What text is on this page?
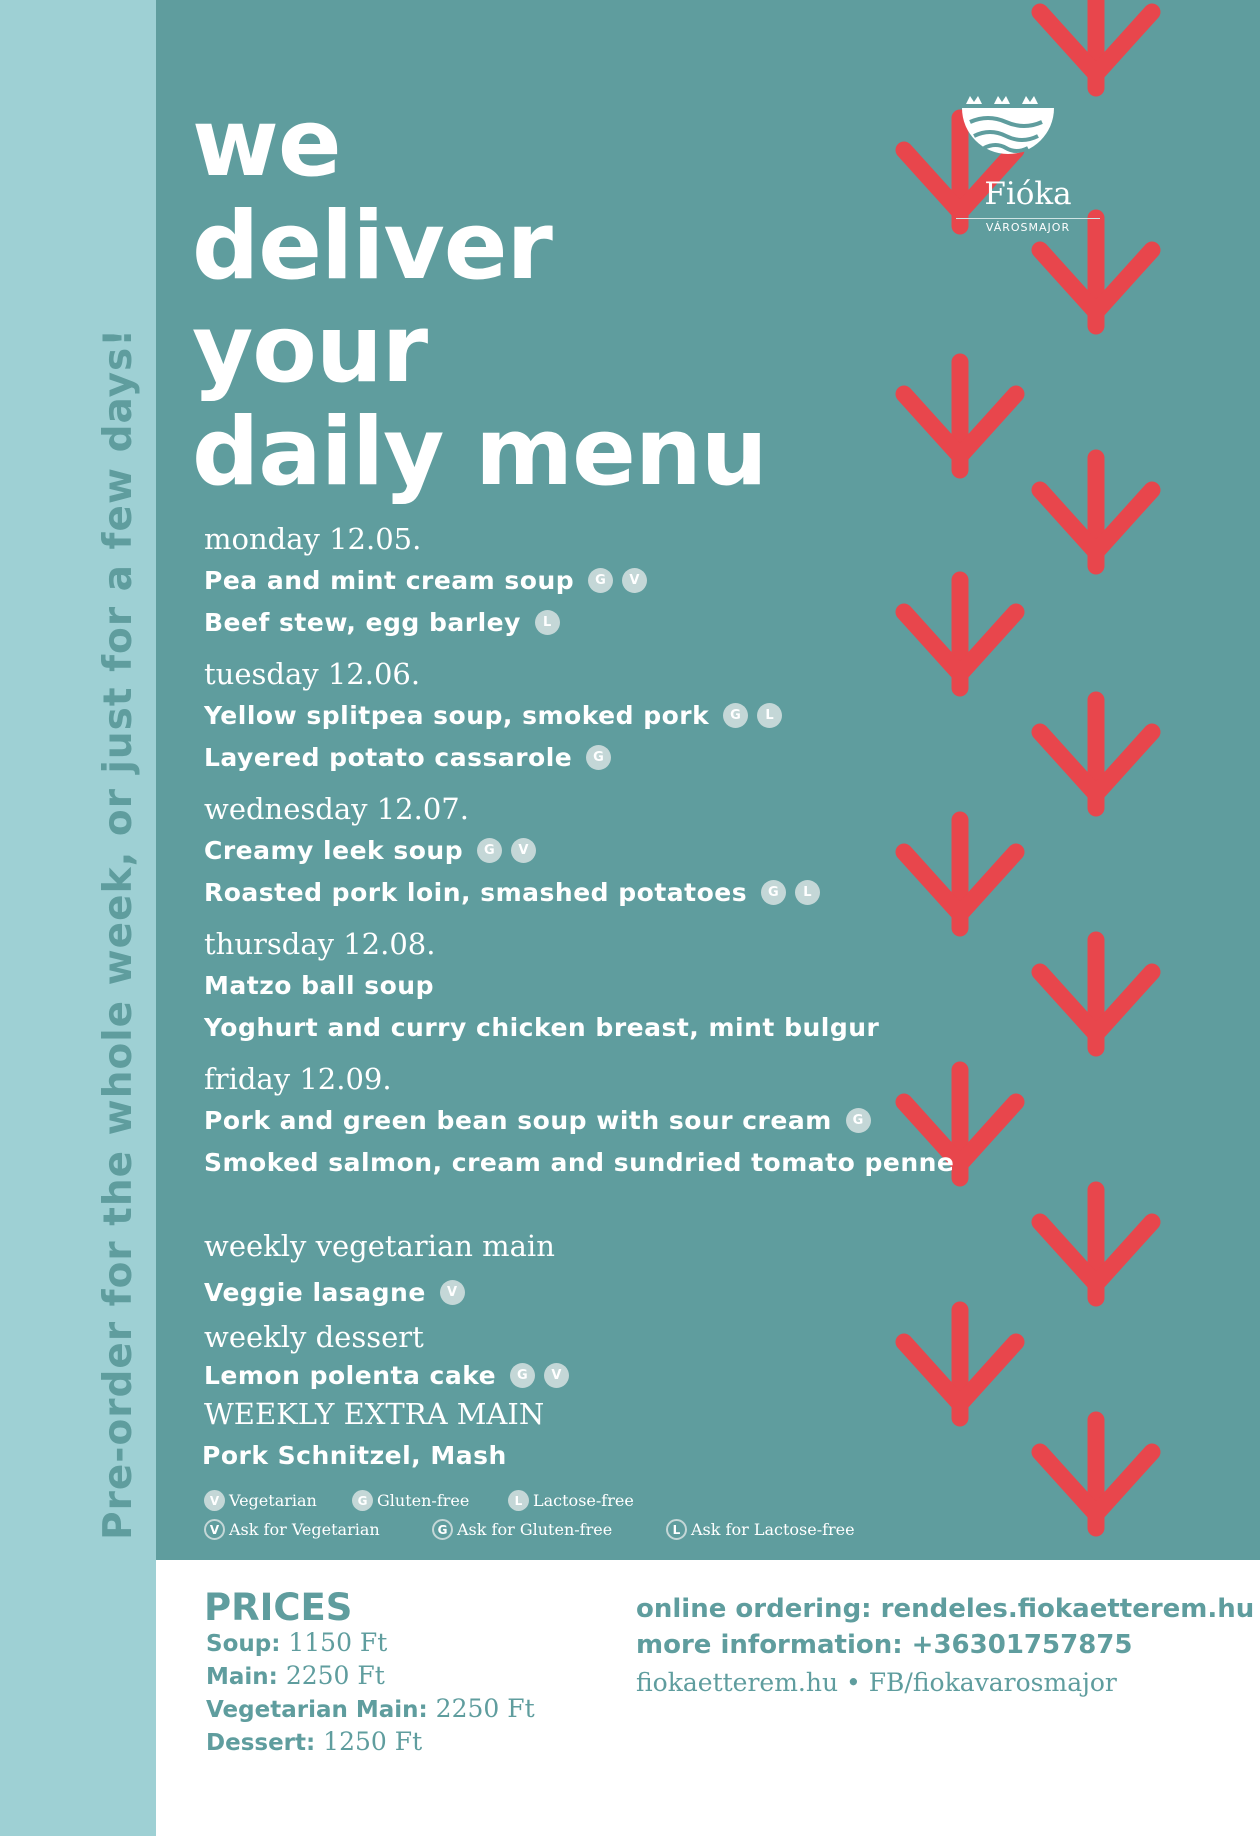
Pre-order for the whole week, or just for a few days!
Fióka
VÁROSMAJOR
we
deliver
your
daily menu
monday 12.05.
Pea and mint cream soup	G	V
Beef stew, egg barley	L
tuesday 12.06.
Yellow splitpea soup, smoked pork	G	L
Layered potato cassarole	G
wednesday 12.07.
Creamy leek soup	G	V
Roasted pork loin, smashed potatoes	G	L
thursday 12.08.
Matzo ball soup
Yoghurt and curry chicken breast, mint bulgur
friday 12.09.
Pork and green bean soup with sour cream	G
Smoked salmon, cream and sundried tomato penne
weekly vegetarian main
Veggie lasagne	V
weekly dessert
Lemon polenta cake	G	V
WEEKLY EXTRA MAIN
Pork Schnitzel, Mash
V Vegetarian	G Gluten-free	L Lactose-free
V Ask for Vegetarian	G Ask for Gluten-free	L Ask for Lactose-free
PRICES
Soup: 1150 Ft
Main: 2250 Ft
Vegetarian Main: 2250 Ft
Dessert: 1250 Ft
online ordering: rendeles.fiokaetterem.hu
more information: +36301757875
fiokaetterem.hu • FB/fiokavarosmajor
